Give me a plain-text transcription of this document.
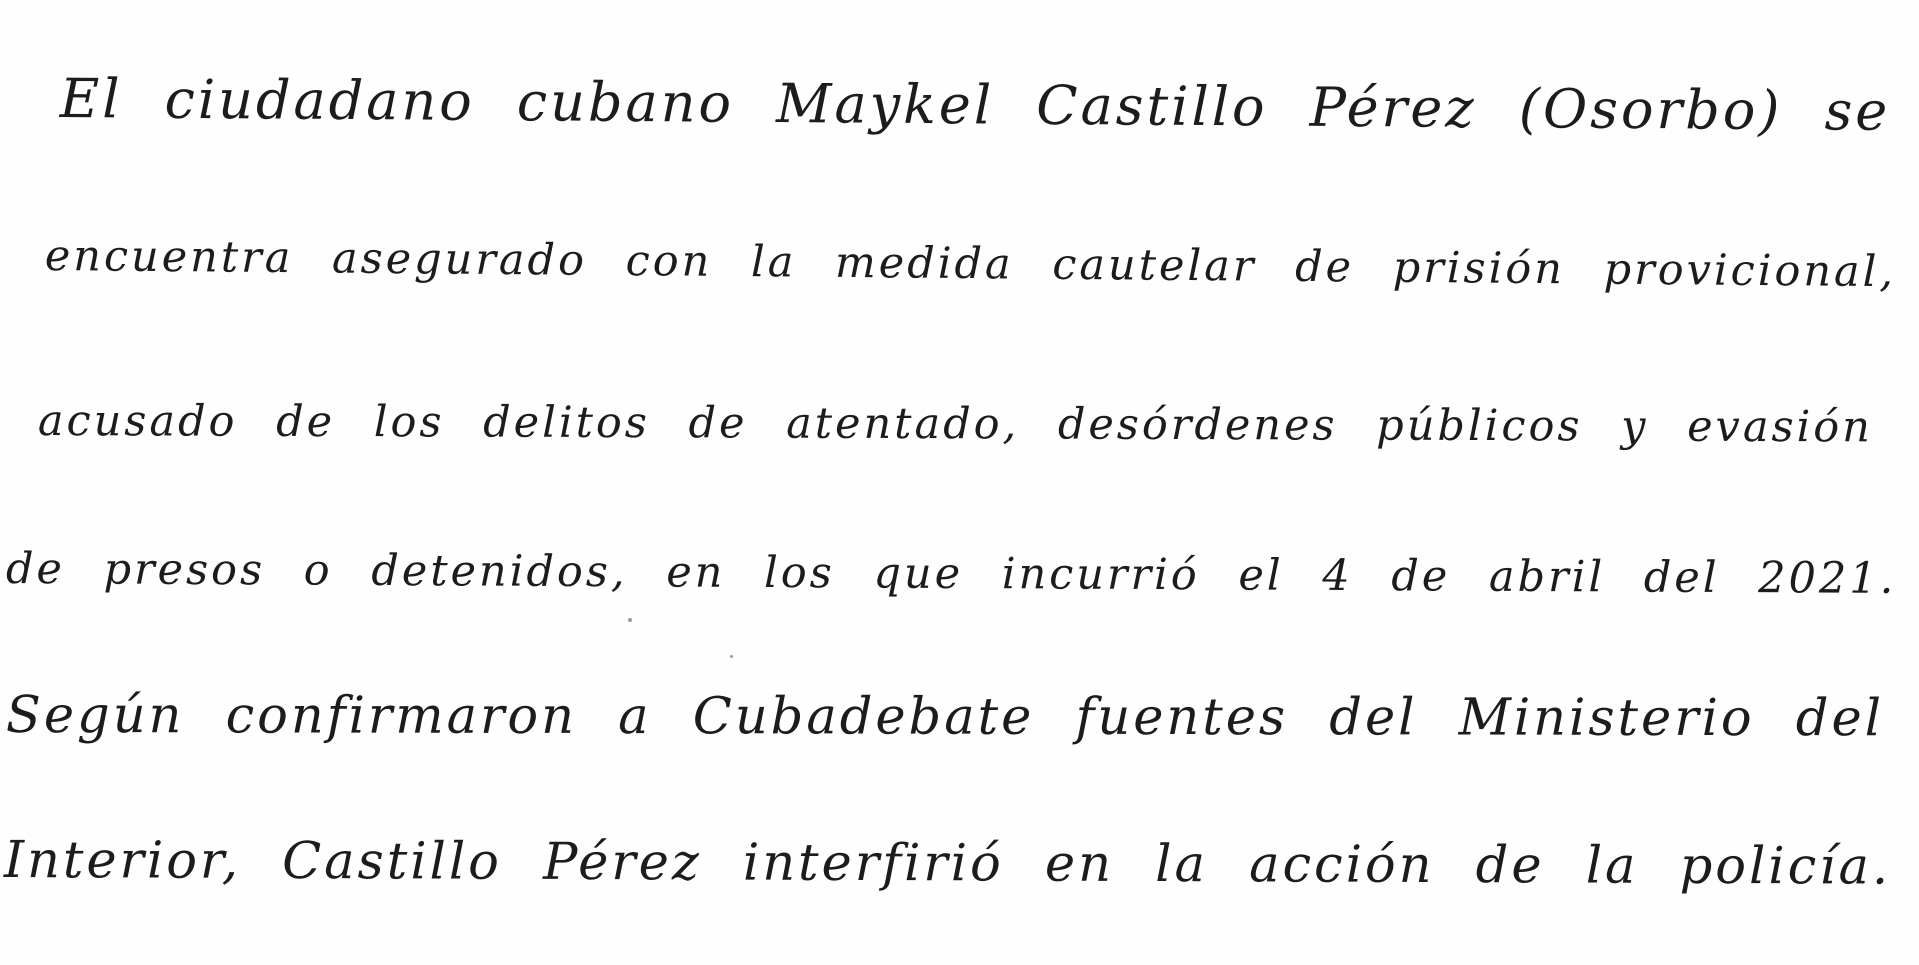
El ciudadano cubano Maykel Castillo Pérez (Osorbo) se
encuentra asegurado con la medida cautelar de prisión provicional,
acusado de los delitos de atentado, desórdenes públicos y evasión
de presos o detenidos, en los que incurrió el 4 de abril del 2021.
Según confirmaron a Cubadebate fuentes del Ministerio del
Interior, Castillo Pérez interfirió en la acción de la policía.
